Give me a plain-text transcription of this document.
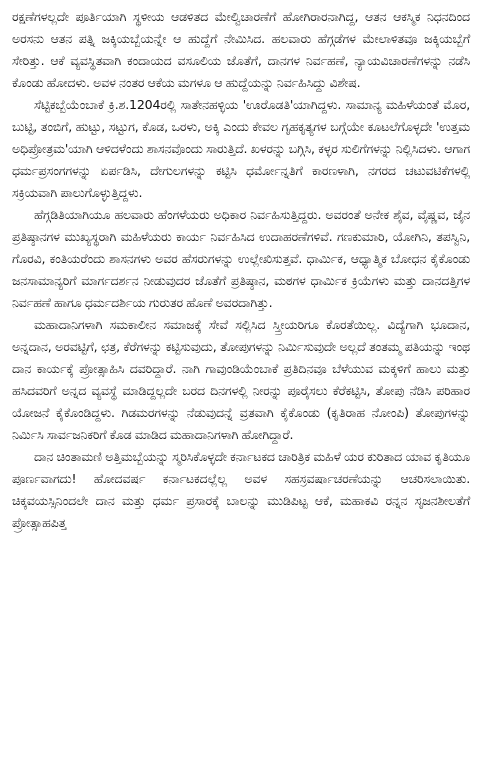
ರಕ್ಷಣೆಗಳಲ್ಲದೇ ಪೂರ್ತಿಯಾಗಿ ಸ್ಥಳೀಯ ಆಡಳಿತದ ಮೇಲ್ವಿಚಾರಣೆಗೆ ಹೋಗಿರಾರನಾಗಿದ್ದ, ಆತನ ಆಕಸ್ಮಿಕ ನಿಧನದಿಂದ ಅರಸನು ಆತನ ಪತ್ನಿ ಜಕ್ಕಿಯಬ್ಬೆಯನ್ನೇ ಆ ಹುದ್ದೆಗೆ ನೇಮಿಸಿದ. ಹಲವಾರು ಹೆಗ್ಗಡೆಗಳ ಮೇಲಾಳಿತವೂ ಜಕ್ಕಿಯಬ್ಬೆಗೆ ಸೇರಿತ್ತು. ಆಕೆ ವ್ಯವಸ್ಥಿತವಾಗಿ ಕಂದಾಯದ ವಸೂಲಿಯ ಜೊತೆಗೆ, ದಾನಗಳ ನಿರ್ವಹಣೆ, ನ್ಯಾಯವಿಚಾರಣೆಗಳನ್ನು ನಡೆಸಿ ಕೊಂಡು ಹೋದಳು. ಅವಳ ನಂತರ ಆಕೆಯ ಮಗಳೂ ಆ ಹುದ್ದೆಯನ್ನು ನಿರ್ವಹಿಸಿದ್ದು ವಿಶೇಷ.

ಸೆಟ್ಟಿಕಬ್ಬೆಯೆಂಬಾಕೆ ಕ್ರಿ.ಶ.1204ರಲ್ಲಿ ಸಾತೇನಹಳ್ಳಿಯ 'ಊರೊಡತಿ'ಯಾಗಿದ್ದಳು. ಸಾಮಾನ್ಯ ಮಹಿಳೆಯಂತೆ ಮೊರ, ಬುಟ್ಟಿ, ತಂಬಿಗೆ, ಹುಟ್ಟು, ಸಟ್ಟುಗ, ಕೊಡ, ಒರಳು, ಅಕ್ಕಿ ಎಂದು ಕೇವಲ ಗೃಹಕೃತ್ಯಗಳ ಬಗ್ಗೆಯೇ ಕೂಟಲೆಗೊಳ್ಳದೇ 'ಉತ್ತಮ ಅಧಿಪ್ರೋತ್ರಮ'ಯಾಗಿ ಆಳಿದಳೆಂದು ಶಾಸನವೊಂದು ಸಾರುತ್ತಿದೆ. ಖಳರನ್ನು ಬಗ್ಗಿಸಿ, ಕಳ್ಳರ ಸುಲಿಗೆಗಳನ್ನು ನಿಲ್ಲಿಸಿದಳು. ಆಗಾಗ ಧರ್ಮಪ್ರಸಂಗಗಳನ್ನು ಏರ್ಪಡಿಸಿ, ದೇಗುಲಗಳನ್ನು ಕಟ್ಟಿಸಿ ಧರ್ಮೋನ್ನತಿಗೆ ಕಾರಣಳಾಗಿ, ನಗರದ ಚಟುವಟಿಕೆಗಳಲ್ಲಿ ಸಕ್ರಿಯವಾಗಿ ಪಾಲುಗೊಳ್ಳುತ್ತಿದ್ದಳು.

ಹೆಗ್ಗಡಿತಿಯಾಗಿಯೂ ಹಲವಾರು ಹೆಂಗಳೆಯರು ಅಧಿಕಾರ ನಿರ್ವಹಿಸುತ್ತಿದ್ದರು. ಅವರಂತೆ ಅನೇಕ ಶೈವ, ವೈಷ್ಣವ, ಜೈನ ಪ್ರತಿಷ್ಠಾನಗಳ ಮುಖ್ಯಸ್ಥರಾಗಿ ಮಹಿಳೆಯರು ಕಾರ್ಯ ನಿರ್ವಹಿಸಿದ ಉದಾಹರಣೆಗಳಿವೆ. ಗಣಕುಮಾರಿ, ಯೋಗಿನಿ, ತಪಸ್ವಿನಿ, ಗೊರವಿ, ಕಂತಿಯರೆಂದು ಶಾಸನಗಳು ಅವರ ಹೆಸರುಗಳನ್ನು ಉಲ್ಲೇಖಿಸುತ್ತವೆ. ಧಾರ್ಮಿಕ, ಆಧ್ಯಾತ್ಮಿಕ ಬೋಧನ ಕೈಕೊಂಡು ಜನಸಾಮಾನ್ಯರಿಗೆ ಮಾರ್ಗದರ್ಶನ ನೀಡುವುದರ ಜೊತೆಗೆ ಪ್ರತಿಷ್ಠಾನ, ಮಠಗಳ ಧಾರ್ಮಿಕ ಕ್ರಿಯೆಗಳು ಮತ್ತು ದಾನದತ್ತಿಗಳ ನಿರ್ವಹಣೆ ಹಾಗೂ ಧರ್ಮದರ್ಶಿಯ ಗುರುತರ ಹೊಣೆ ಅವರದಾಗಿತ್ತು.

ಮಹಾದಾನಿಗಳಾಗಿ ಸಮಕಾಲೀನ ಸಮಾಜಕ್ಕೆ ಸೇವೆ ಸಲ್ಲಿಸಿದ ಸ್ತ್ರೀಯರಿಗೂ ಕೊರತೆಯಿಲ್ಲ. ವಿದ್ಯೆಗಾಗಿ ಭೂದಾನ, ಅನ್ನದಾನ, ಅರವಟ್ಟಿಗೆ, ಛತ್ರ, ಕೆರೆಗಳನ್ನು ಕಟ್ಟಿಸುವುದು, ತೋಪುಗಳನ್ನು ನಿರ್ಮಿಸುವುದೇ ಅಲ್ಲದೆ ತಂತಮ್ಮ ಪತಿಯನ್ನು ಇಂಥ ದಾನ ಕಾರ್ಯಕ್ಕೆ ಪ್ರೋತ್ಸಾಹಿಸಿ ದವರಿದ್ದಾರೆ. ನಾಗಿ ಗಾವುಂಡಿಯೆಂಬಾಕೆ ಪ್ರತಿದಿನವೂ ಬೆಳೆಯುವ ಮಕ್ಕಳಿಗೆ ಹಾಲು ಮತ್ತು ಹಸಿದವರಿಗೆ ಅನ್ನದ ವ್ಯವಸ್ಥೆ ಮಾಡಿದ್ದಲ್ಲದೇ ಬರದ ದಿನಗಳಲ್ಲಿ ನೀರನ್ನು ಪೂರೈಸಲು ಕೆರೆಕಟ್ಟಿಸಿ, ತೋಪು ನೆಡಿಸಿ ಪರಿಹಾರ ಯೋಜನೆ ಕೈಕೊಂಡಿದ್ದಳು. ಗಿಡಮರಗಳನ್ನು ನೆಡುವುದನ್ನೆ ವ್ರತವಾಗಿ ಕೈಕೊಂಡು (ಕೃತಿರಾಹ ನೋಂಪಿ) ತೋಪುಗಳನ್ನು ನಿರ್ಮಿಸಿ ಸಾರ್ವಜನಿಕರಿಗೆ ಕೊಡ ಮಾಡಿದ ಮಹಾದಾನಿಗಳಾಗಿ ಹೋಗಿದ್ದಾರೆ.

ದಾನ ಚಿಂತಾಮಣಿ ಅತ್ತಿಮಬ್ಬೆಯನ್ನು ಸ್ಮರಿಸಿಕೊಳ್ಳದೇ ಕರ್ನಾಟಕದ ಚಾರಿತ್ರಿಕ ಮಹಿಳೆ ಯರ ಕುರಿತಾದ ಯಾವ ಕೃತಿಯೂ ಪೂರ್ಣವಾಗದು! ಹೋದವರ್ಷ ಕರ್ನಾಟಕದಲ್ಲೆಲ್ಲ ಅವಳ ಸಹಸ್ರವರ್ಷಾಚರಣೆಯನ್ನು ಆಚರಿಸಲಾಯಿತು. ಚಿಕ್ಕವಯಸ್ಸಿನಿಂದಲೇ ದಾನ ಮತ್ತು ಧರ್ಮ ಪ್ರಸಾರಕ್ಕೆ ಬಾಲನ್ನು ಮುಡಿಪಿಟ್ಟ ಆಕೆ, ಮಹಾಕವಿ ರನ್ನನ ಸೃಜನಶೀಲತೆಗೆ ಪ್ರೋತ್ಸಾಹಪಿತ್ತ
